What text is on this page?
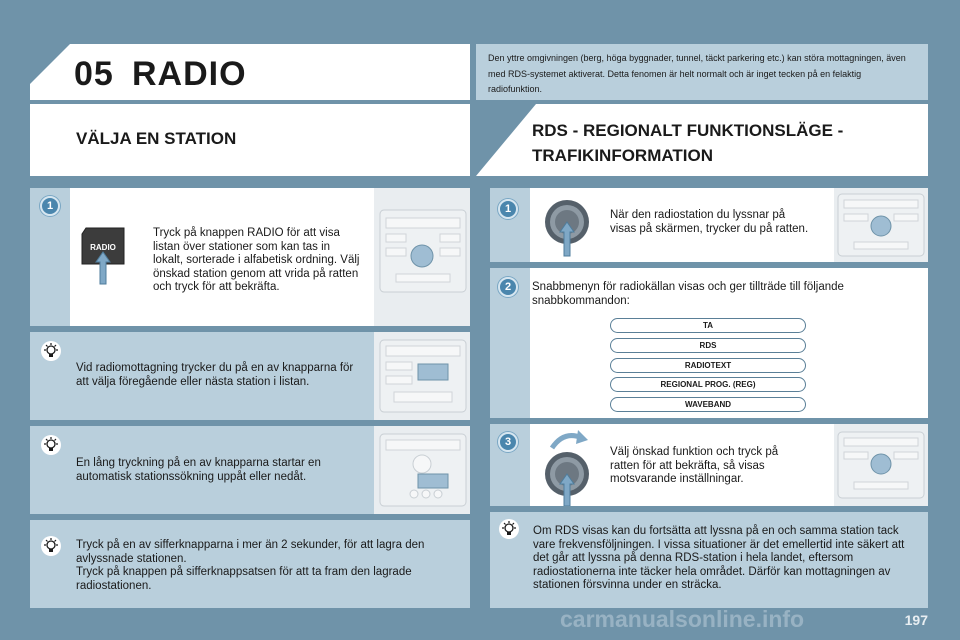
05 RADIO	Den yttre omgivningen (berg, höga byggnader, tunnel, täckt parkering etc.) kan störa mottagningen, även med RDS-systemet aktiverat. Detta fenomen är helt normalt och är inget tecken på en felaktig radiofunktion.
VÄLJA EN STATION	RDS - REGIONALT FUNKTIONSLÄGE -
TRAFIKINFORMATION
1
RADIO
Tryck på knappen RADIO för att visa listan över stationer som kan tas in lokalt, sorterade i alfabetisk ordning. Välj önskad station genom att vrida på ratten och tryck för att bekräfta.
Vid radiomottagning trycker du på en av knapparna för att välja föregående eller nästa station i listan.
En lång tryckning på en av knapparna startar en automatisk stationssökning uppåt eller nedåt.
Tryck på en av sifferknapparna i mer än 2 sekunder, för att lagra den avlyssnade stationen.
Tryck på knappen på sifferknappsatsen för att ta fram den lagrade radiostationen.
1	När den radiostation du lyssnar på visas på skärmen, trycker du på ratten.
2	Snabbmenyn för radiokällan visas och ger tillträde till följande snabbkommandon:
TA
RDS
RADIOTEXT
REGIONAL PROG. (REG)
WAVEBAND
3
Välj önskad funktion och tryck på ratten för att bekräfta, så visas motsvarande inställningar.
Om RDS visas kan du fortsätta att lyssna på en och samma station tack vare frekvensföljningen. I vissa situationer är det emellertid inte säkert att det går att lyssna på denna RDS-station i hela landet, eftersom radiostationerna inte täcker hela området. Därför kan mottagningen av stationen försvinna under en sträcka.
carmanualsonline.info	197
